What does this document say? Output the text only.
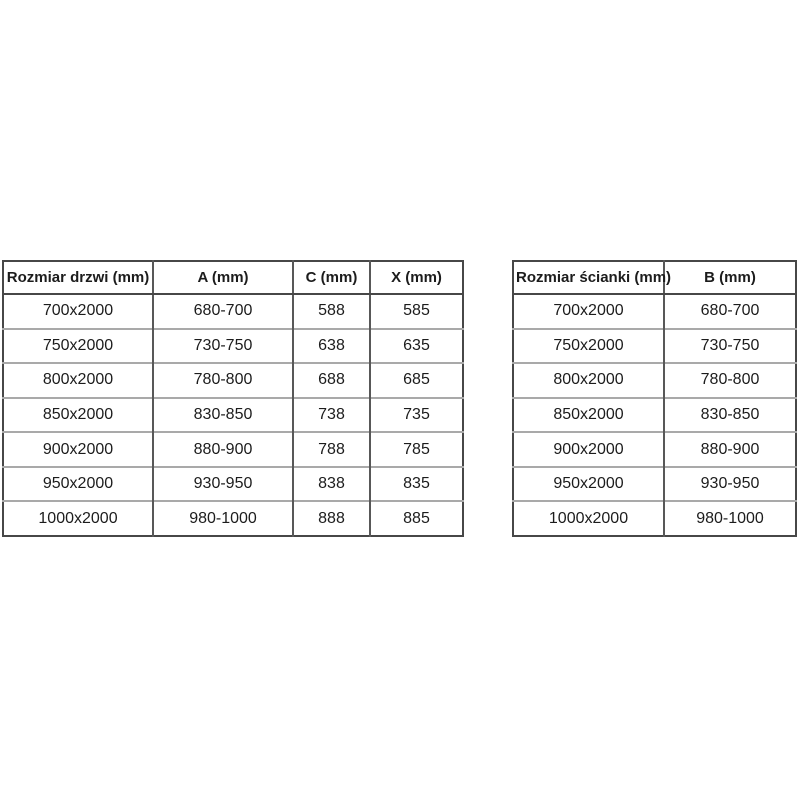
Rozmiar drzwi (mm)	A (mm)	C (mm)	X (mm)
700x2000	680-700	588	585
750x2000	730-750	638	635
800x2000	780-800	688	685
850x2000	830-850	738	735
900x2000	880-900	788	785
950x2000	930-950	838	835
1000x2000	980-1000	888	885
Rozmiar ścianki (mm)	B (mm)
700x2000	680-700
750x2000	730-750
800x2000	780-800
850x2000	830-850
900x2000	880-900
950x2000	930-950
1000x2000	980-1000
